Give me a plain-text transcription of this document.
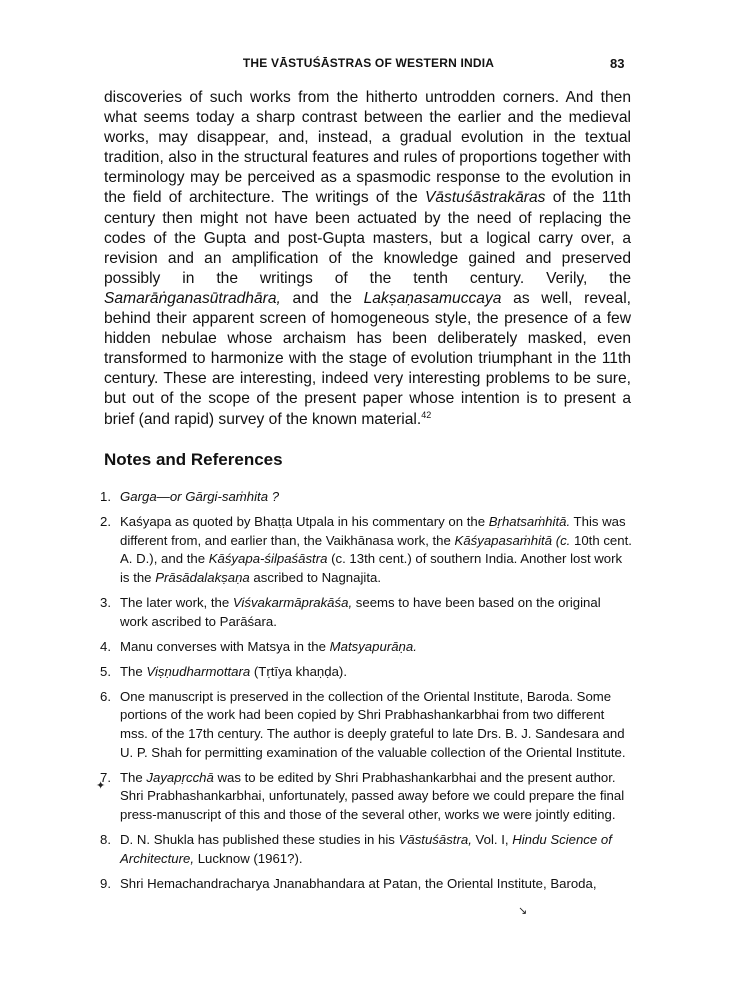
THE VĀSTUŚĀSTRAS OF WESTERN INDIA	83

discoveries of such works from the hitherto untrodden corners. And then what seems today a sharp contrast between the earlier and the medieval works, may disappear, and, instead, a gradual evolution in the textual tradition, also in the structural features and rules of proportions together with terminology may be perceived as a spasmodic response to the evolution in the field of architecture. The writings of the Vāstuśāstrakāras of the 11th century then might not have been actuated by the need of replacing the codes of the Gupta and post-Gupta masters, but a logical carry over, a revision and an amplification of the knowledge gained and preserved possibly in the writings of the tenth century. Verily, the Samarāṅganasūtradhāra, and the Lakṣaṇasamuccaya as well, reveal, behind their apparent screen of homogeneous style, the presence of a few hidden nebulae whose archaism has been deliberately masked, even transformed to harmonize with the stage of evolution triumphant in the 11th century. These are interesting, indeed very interesting problems to be sure, but out of the scope of the present paper whose intention is to present a brief (and rapid) survey of the known material.$^{42}$

Notes and References
1. Garga—or Gārgi-saṁhita ?
2. Kaśyapa as quoted by Bhaṭṭa Utpala in his commentary on the Bṛhatsaṁhitā. This was different from, and earlier than, the Vaikhānasa work, the Kāśyapasaṁhitā (c. 10th cent. A. D.), and the Kāśyapa-śilpaśāstra (c. 13th cent.) of southern India. Another lost work is the Prāsādalakṣaṇa ascribed to Nagnajita.
3. The later work, the Viśvakarmāprakāśa, seems to have been based on the original work ascribed to Parāśara.
4. Manu converses with Matsya in the Matsyapurāṇa.
5. The Viṣṇudharmottara (Tṛtīya khaṇḍa).
6. One manuscript is preserved in the collection of the Oriental Institute, Baroda. Some portions of the work had been copied by Shri Prabhashankarbhai from two different mss. of the 17th century. The author is deeply grateful to late Drs. B. J. Sandesara and U. P. Shah for permitting examination of the valuable collection of the Oriental Institute.
7. The Jayapṛcchā was to be edited by Shri Prabhashankarbhai and the present author. Shri Prabhashankarbhai, unfortunately, passed away before we could prepare the final press-manuscript of this and those of the several other, works we were jointly editing.
8. D. N. Shukla has published these studies in his Vāstuśāstra, Vol. I, Hindu Science of Architecture, Lucknow (1961?).
9. Shri Hemachandracharya Jnanabhandara at Patan, the Oriental Institute, Baroda,
✦
↘
